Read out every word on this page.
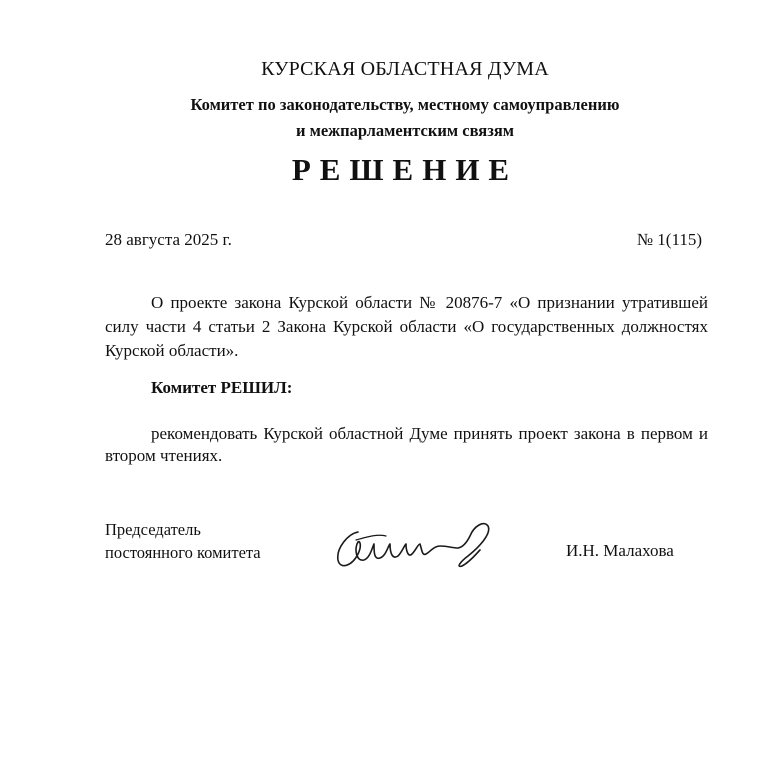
КУРСКАЯ ОБЛАСТНАЯ ДУМА
Комитет по законодательству, местному самоуправлению
и межпарламентским связям
РЕШЕНИЕ
28 августа 2025 г.	№ 1(115)

О проекте закона Курской области № 20876-7 «О признании утратившей силу части 4 статьи 2 Закона Курской области «О государственных должностях Курской области».

Комитет РЕШИЛ:

рекомендовать Курской областной Думе принять проект закона в первом и втором чтениях.

Председатель
постоянного комитета	И.Н. Малахова
